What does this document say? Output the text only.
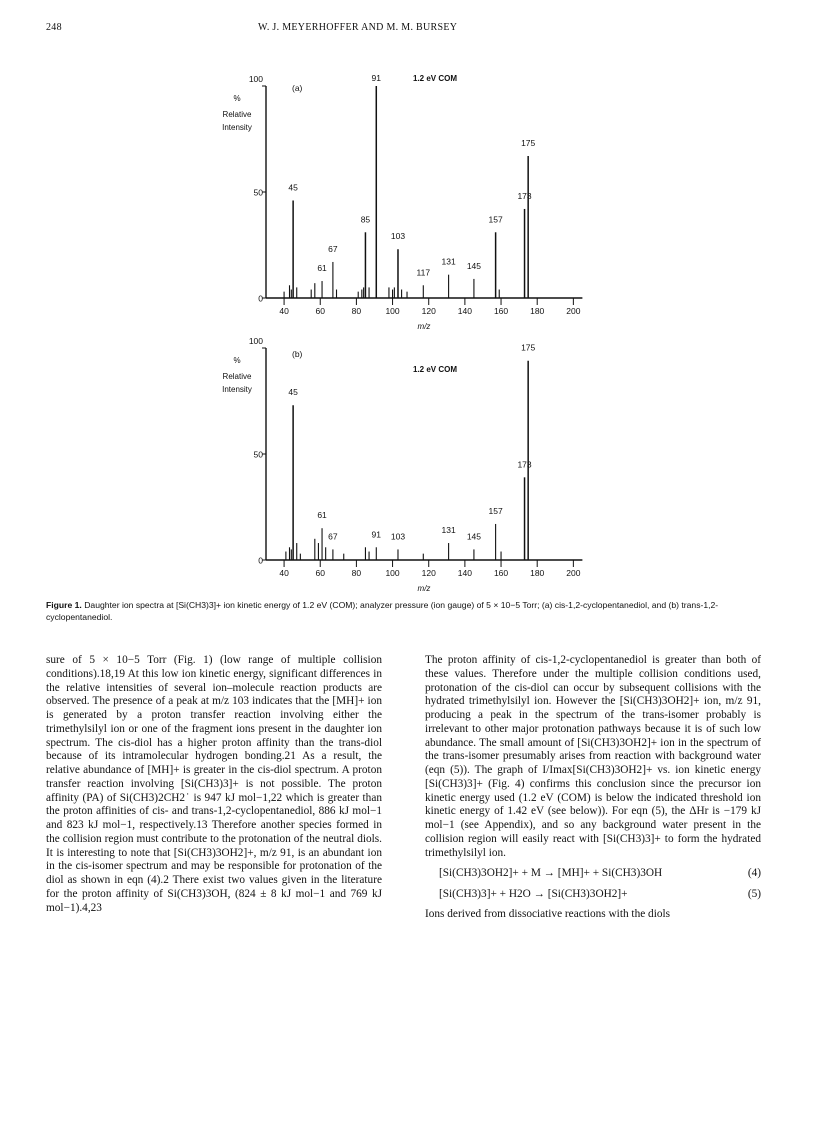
248	W. J. MEYERHOFFER AND M. M. BURSEY
0
50
100
40	60	80	100	120	140	160	180	200
m/z
%
Relative
Intensity
(a)
1.2 eV COM
45
61
67
85
91
103
117
131 145
157
173
175
0
50
100
40	60	80	100	120	140	160	180	200
m/z
%
Relative
Intensity
(b)
1.2 eV COM
45
61
67	91 103
131
145
157
173
175
Figure 1. Daughter ion spectra at [Si(CH3)3]+ ion kinetic energy of 1.2 eV (COM); analyzer pressure (ion gauge) of 5 × 10−5 Torr; (a) cis-1,2-cyclopentanediol, and (b) trans-1,2-cyclopentanediol.

sure of 5 × 10−5 Torr (Fig. 1) (low range of multiple collision conditions).18,19 At this low ion kinetic energy, significant differences in the relative intensities of several ion–molecule reaction products are observed. The presence of a peak at m/z 103 indicates that the [MH]+ ion is generated by a proton transfer reaction involving either the trimethylsilyl ion or one of the fragment ions present in the daughter ion spectrum. The cis-diol has a higher proton affinity than the trans-diol because of its intramolecular hydrogen bonding.21 As a result, the relative abundance of [MH]+ is greater in the cis-diol spectrum. A proton transfer reaction involving [Si(CH3)3]+ is not possible. The proton affinity (PA) of Si(CH3)2CH2˙ is 947 kJ mol−1,22 which is greater than the proton affinities of cis- and trans-1,2-cyclopentanediol, 886 kJ mol−1 and 823 kJ mol−1, respectively.13 Therefore another species formed in the collision region must contribute to the protonation of the neutral diols. It is interesting to note that [Si(CH3)3OH2]+, m/z 91, is an abundant ion in the cis-isomer spectrum and may be responsible for protonation of the diol as shown in eqn (4).2 There exist two values given in the literature for the proton affinity of Si(CH3)3OH, (824 ± 8 kJ mol−1 and 769 kJ mol−1).4,23

The proton affinity of cis-1,2-cyclopentanediol is greater than both of these values. Therefore under the multiple collision conditions used, protonation of the cis-diol can occur by subsequent collisions with the hydrated trimethylsilyl ion. However the [Si(CH3)3OH2]+ ion, m/z 91, producing a peak in the spectrum of the trans-isomer probably is irrelevant to other major protonation pathways because it is of such low abundance. The small amount of [Si(CH3)3OH2]+ ion in the spectrum of the trans-isomer presumably arises from reaction with background water (eqn (5)). The graph of I/Imax[Si(CH3)3OH2]+ vs. ion kinetic energy [Si(CH3)3]+ (Fig. 4) confirms this conclusion since the precursor ion kinetic energy used (1.2 eV (COM) is below the indicated threshold ion kinetic energy of 1.42 eV (see below)). For eqn (5), the ΔHr is −179 kJ mol−1 (see Appendix), and so any background water present in the collision region will easily react with [Si(CH3)3]+ to form the hydrated trimethylsilyl ion.

[Si(CH3)3OH2]+ + M → [MH]+ + Si(CH3)3OH	(4)
[Si(CH3)3]+ + H2O → [Si(CH3)3OH2]+	(5)

Ions derived from dissociative reactions with the diols
